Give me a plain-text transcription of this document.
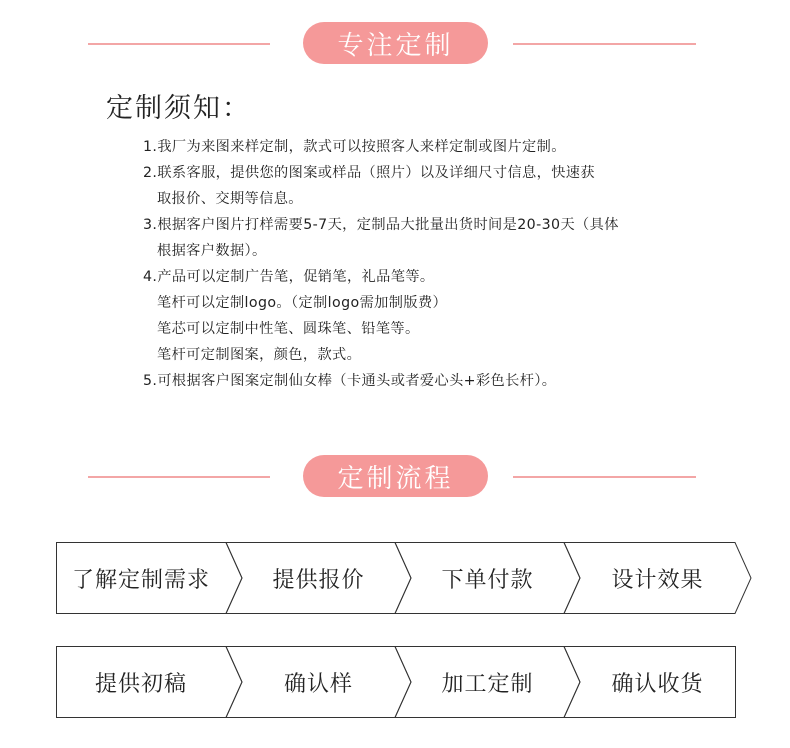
专注定制
定制须知：
1.我厂为来图来样定制，款式可以按照客人来样定制或图片定制。
2.联系客服，提供您的图案或样品（照片）以及详细尺寸信息，快速获
取报价、交期等信息。
3.根据客户图片打样需要5-7天，定制品大批量出货时间是20-30天（具体
根据客户数据）。
4.产品可以定制广告笔，促销笔，礼品笔等。
笔杆可以定制logo。（定制logo需加制版费）
笔芯可以定制中性笔、圆珠笔、铅笔等。
笔杆可定制图案，颜色，款式。
5.可根据客户图案定制仙女棒（卡通头或者爱心头+彩色长杆）。
定制流程
了解定制需求	提供报价	下单付款	设计效果
提供初稿	确认样	加工定制	确认收货
